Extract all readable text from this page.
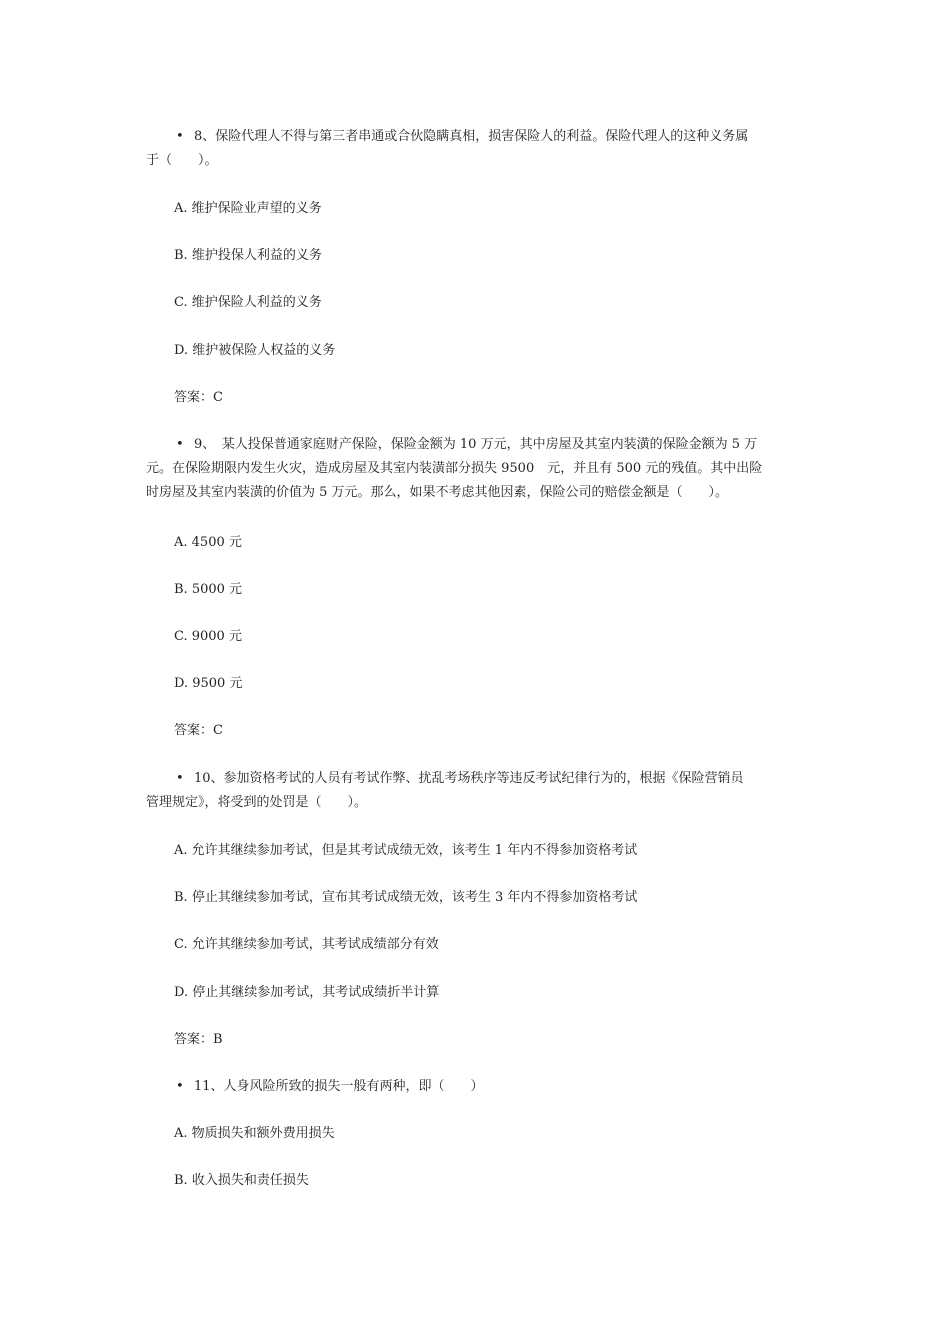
• 8、保险代理人不得与第三者串通或合伙隐瞒真相，损害保险人的利益。保险代理人的这种义务属
于（　　）。
A. 维护保险业声望的义务
B. 维护投保人利益的义务
C. 维护保险人利益的义务
D. 维护被保险人权益的义务
答案：C
• 9、　某人投保普通家庭财产保险，保险金额为 10 万元，其中房屋及其室内装潢的保险金额为 5 万
元。在保险期限内发生火灾，造成房屋及其室内装潢部分损失 9500　元，并且有 500 元的残值。其中出险
时房屋及其室内装潢的价值为 5 万元。那么，如果不考虑其他因素，保险公司的赔偿金额是（　　）。
A. 4500 元
B. 5000 元
C. 9000 元
D. 9500 元
答案：C
• 10、参加资格考试的人员有考试作弊、扰乱考场秩序等违反考试纪律行为的，根据《保险营销员
管理规定》，将受到的处罚是（　　）。
A. 允许其继续参加考试，但是其考试成绩无效，该考生 1 年内不得参加资格考试
B. 停止其继续参加考试，宣布其考试成绩无效，该考生 3 年内不得参加资格考试
C. 允许其继续参加考试，其考试成绩部分有效
D. 停止其继续参加考试，其考试成绩折半计算
答案：B
• 11、人身风险所致的损失一般有两种，即（　　）
A. 物质损失和额外费用损失
B. 收入损失和责任损失
